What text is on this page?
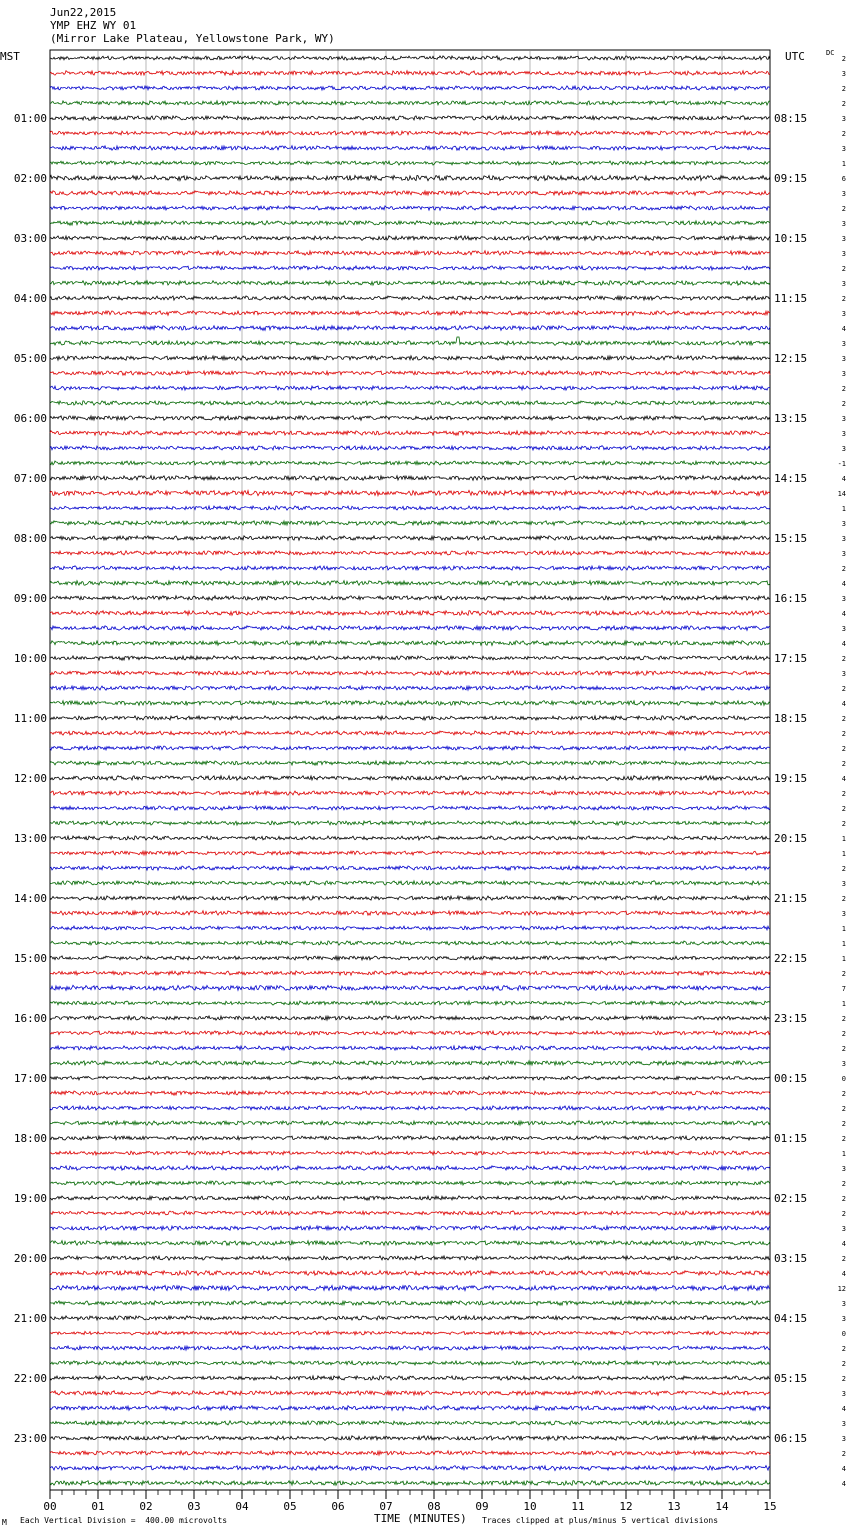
Jun22,2015
YMP EHZ WY 01
(Mirror Lake Plateau, Yellowstone Park, WY)
MST	UTC	DC
01:00
02:00
03:00
04:00
05:00
06:00
07:00
08:00
09:00
10:00
11:00
12:00
13:00
14:00
15:00
16:00
17:00
18:00
19:00
20:00
21:00
22:00
23:00
08:15
09:15
10:15
11:15
12:15
13:15
14:15
15:15
16:15
17:15
18:15
19:15
20:15
21:15
22:15
23:15
00:15
01:15
02:15
03:15
04:15
05:15
06:15
2
3
2
2
3
2
3
1
6
3
2
3
3
3
2
3
2
3
4
3
3
3
2
2
3
3
3
-1
4
14
1
3
3
3
2
4
3
4
3
4
2
3
2
4
2
2
2
2
4
2
2
2
1
1
2
3
2
3
1
1
1
2
7
1
2
2
2
3
0
2
2
2
2
1
3
2
2
2
3
4
2
4
12
3
3
0
2
2
2
3
4
3
3
2
4
4
00	01	02	03	04	05	06	07	08	09	10	11	12	13	14	15
TIME (MINUTES)
M Each Vertical Division =  400.00 microvolts	Traces clipped at plus/minus 5 vertical divisions
